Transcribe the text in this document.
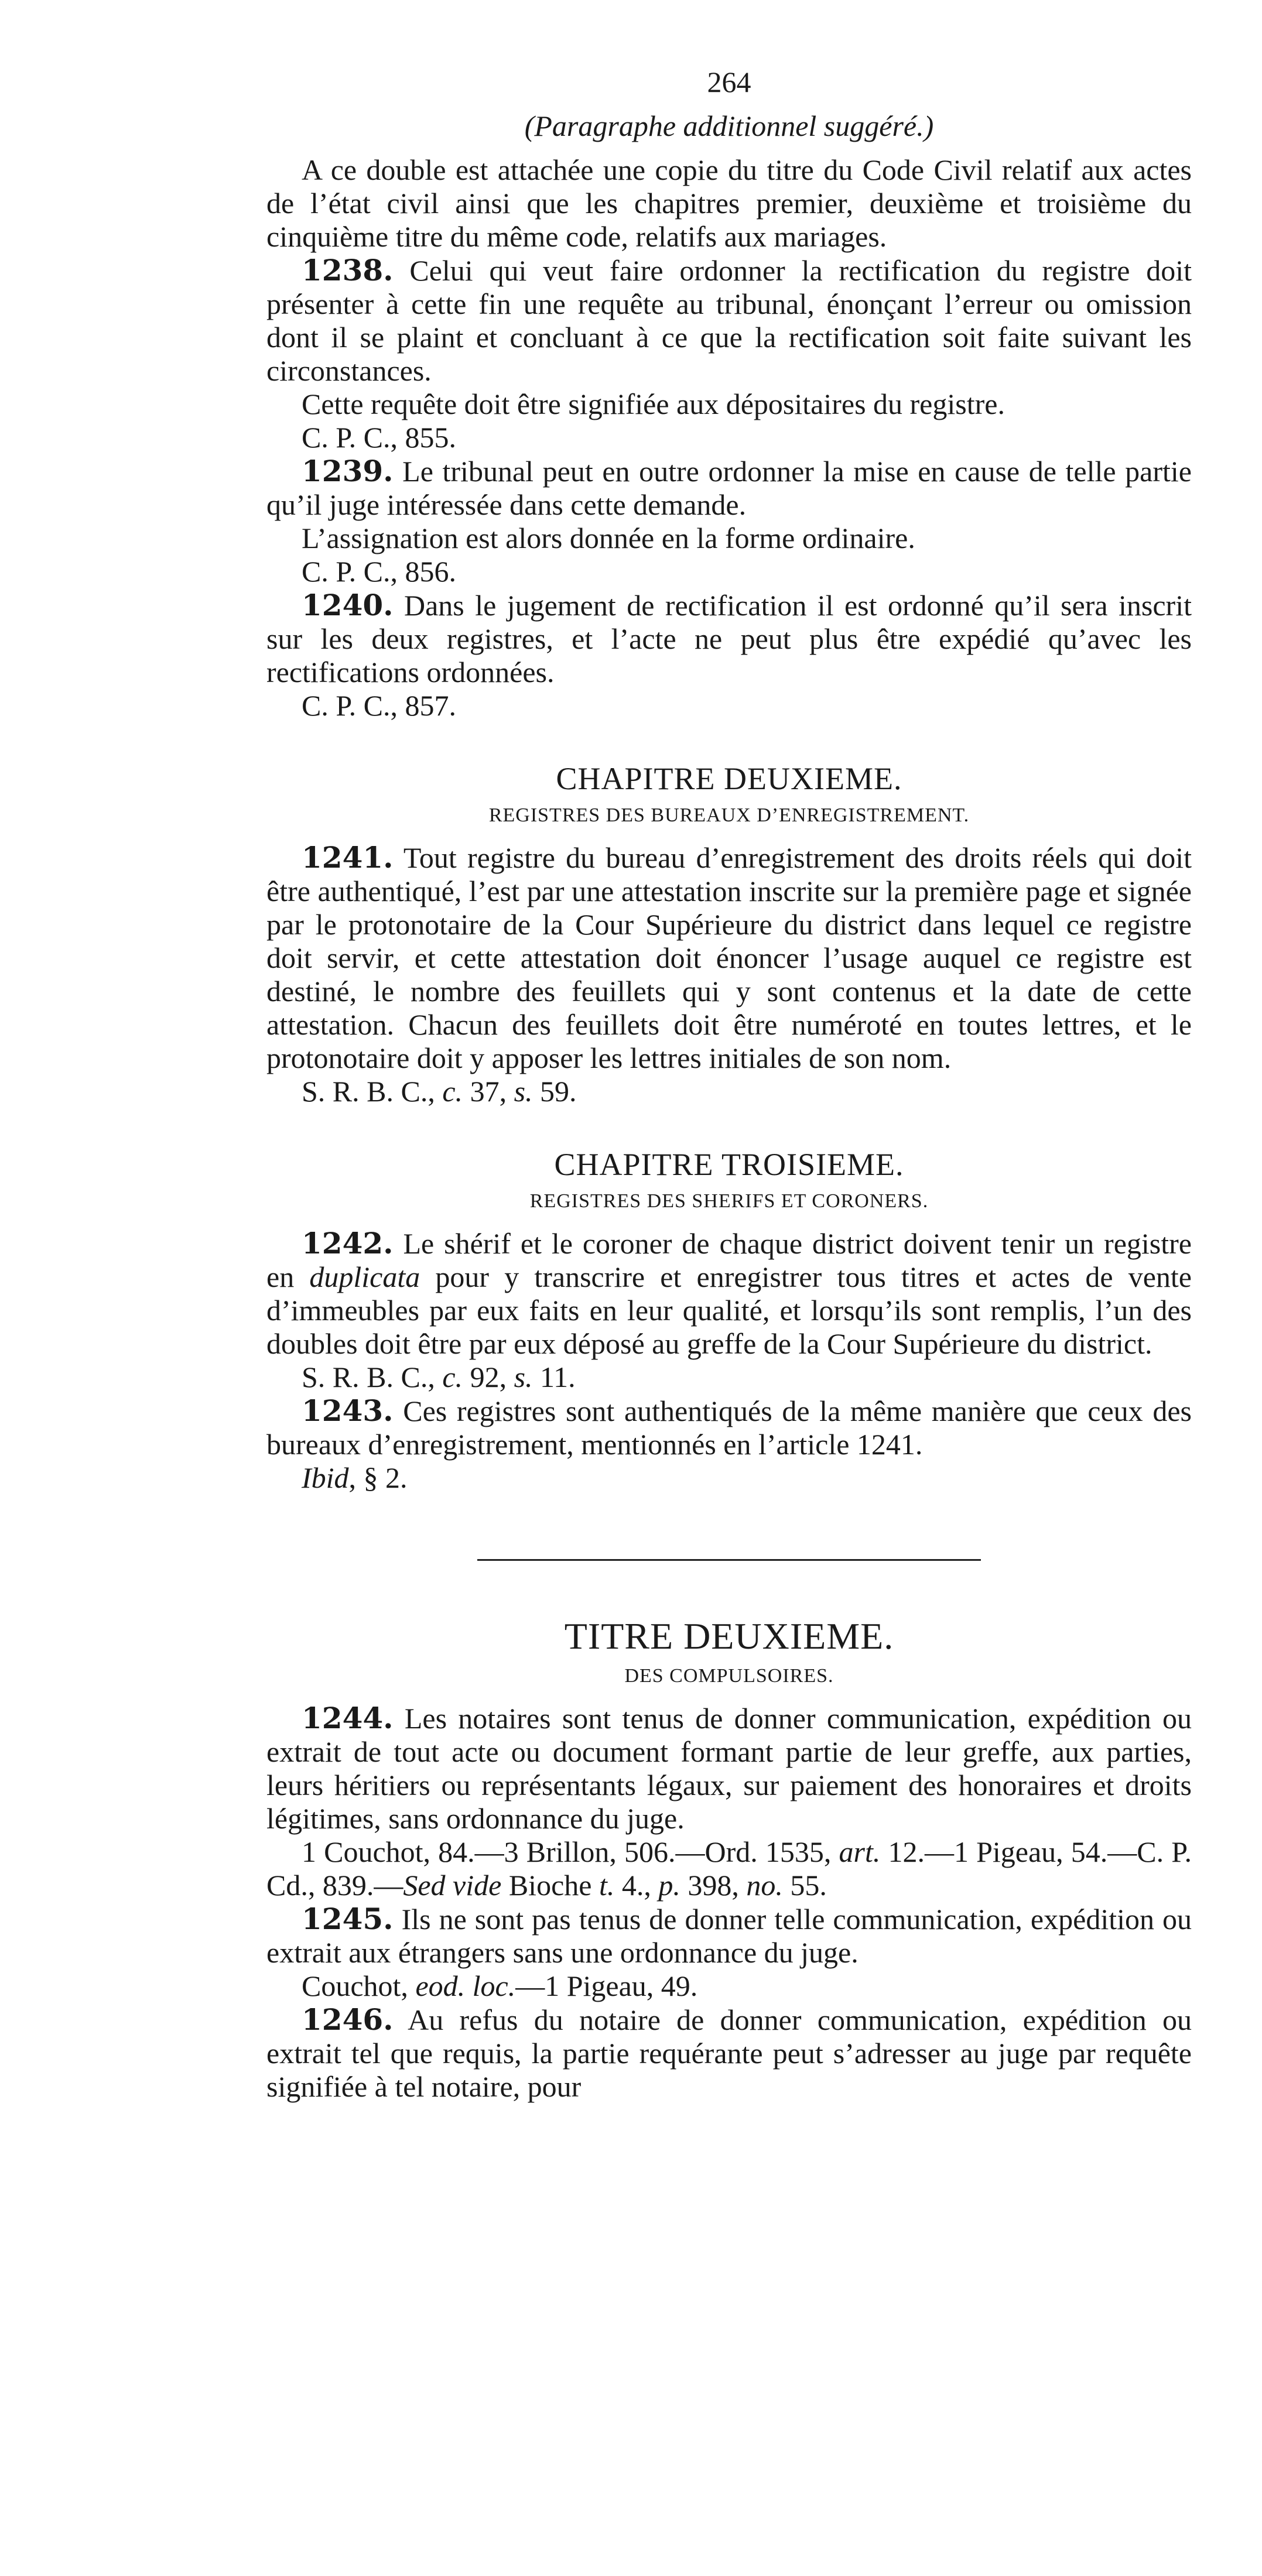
264
(Paragraphe additionnel suggéré.)

A ce double est attachée une copie du titre du Code Civil relatif aux actes de l’état civil ainsi que les chapitres premier, deuxième et troisième du cinquième titre du même code, relatifs aux mariages.

1238. Celui qui veut faire ordonner la rectification du registre doit présenter à cette fin une requête au tribunal, énonçant l’erreur ou omission dont il se plaint et concluant à ce que la rectification soit faite suivant les circonstances.

Cette requête doit être signifiée aux dépositaires du registre.

C. P. C., 855.

1239. Le tribunal peut en outre ordonner la mise en cause de telle partie qu’il juge intéressée dans cette demande.

L’assignation est alors donnée en la forme ordinaire.

C. P. C., 856.

1240. Dans le jugement de rectification il est ordonné qu’il sera inscrit sur les deux registres, et l’acte ne peut plus être expédié qu’avec les rectifications ordonnées.

C. P. C., 857.
CHAPITRE DEUXIEME.
REGISTRES DES BUREAUX D’ENREGISTREMENT.

1241. Tout registre du bureau d’enregistrement des droits réels qui doit être authentiqué, l’est par une attestation inscrite sur la première page et signée par le protonotaire de la Cour Supérieure du district dans lequel ce registre doit servir, et cette attestation doit énoncer l’usage auquel ce registre est destiné, le nombre des feuillets qui y sont contenus et la date de cette attestation. Chacun des feuillets doit être numéroté en toutes lettres, et le protonotaire doit y apposer les lettres initiales de son nom.

S. R. B. C., c. 37, s. 59.
CHAPITRE TROISIEME.
REGISTRES DES SHERIFS ET CORONERS.

1242. Le shérif et le coroner de chaque district doivent tenir un registre en duplicata pour y transcrire et enregistrer tous titres et actes de vente d’immeubles par eux faits en leur qualité, et lorsqu’ils sont remplis, l’un des doubles doit être par eux déposé au greffe de la Cour Supérieure du district.

S. R. B. C., c. 92, s. 11.

1243. Ces registres sont authentiqués de la même manière que ceux des bureaux d’enregistrement, mentionnés en l’article 1241.

Ibid, § 2.
TITRE DEUXIEME.
DES COMPULSOIRES.

1244. Les notaires sont tenus de donner communication, expédition ou extrait de tout acte ou document formant partie de leur greffe, aux parties, leurs héritiers ou représentants légaux, sur paiement des honoraires et droits légitimes, sans ordonnance du juge.

1 Couchot, 84.—3 Brillon, 506.—Ord. 1535, art. 12.—1 Pigeau, 54.—C. P. Cd., 839.—Sed vide Bioche t. 4., p. 398, no. 55.

1245. Ils ne sont pas tenus de donner telle communication, expédition ou extrait aux étrangers sans une ordonnance du juge.

Couchot, eod. loc.—1 Pigeau, 49.

1246. Au refus du notaire de donner communication, expédition ou extrait tel que requis, la partie requérante peut s’adresser au juge par requête signifiée à tel notaire, pour
